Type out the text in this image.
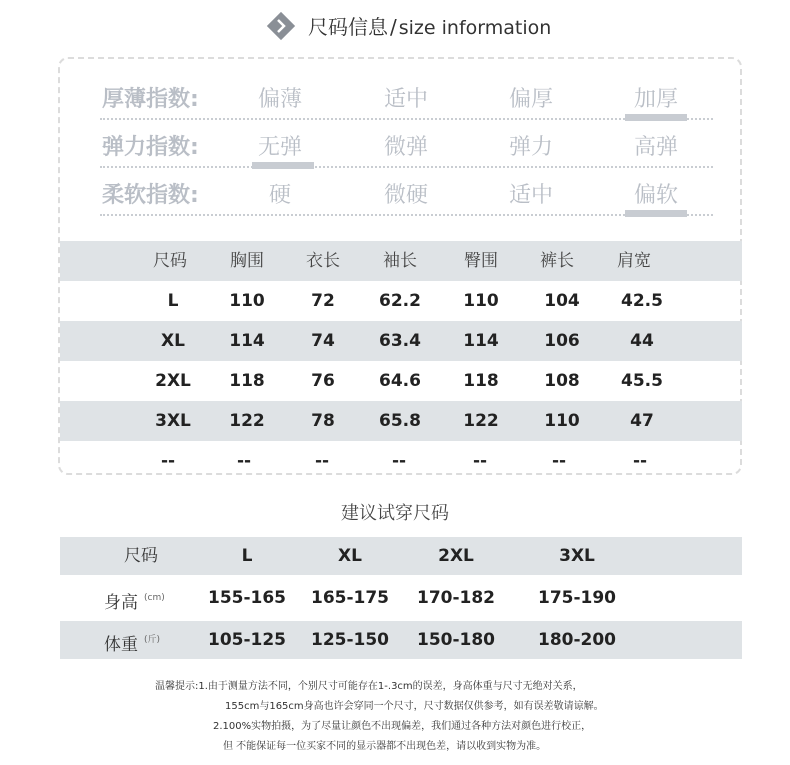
尺码信息 / size information
厚薄指数:	偏薄	适中	偏厚	加厚
弹力指数:	无弹	微弹	弹力	高弹
柔软指数:	硬	微硬	适中	偏软
尺码	胸围	衣长	袖长	臀围	裤长	肩宽
L	110	72	62.2	110	104	42.5
XL	114	74	63.4	114	106	44
2XL	118	76	64.6	118	108	45.5
3XL	122	78	65.8	122	110	47
--	--	--	--	--	--	--
建议试穿尺码
尺码	L	XL	2XL	3XL
身高 $^{(cm)}$	155-165	165-175	170-182	175-190
体重 $^{(斤)}$	105-125	125-150	150-180	180-200
温馨提示:1.由于测量方法不同，个别尺寸可能存在1-.3cm的误差，身高体重与尺寸无绝对关系，
155cm与165cm身高也许会穿同一个尺寸，尺寸数据仅供参考，如有误差敬请谅解。
2.100%实物拍摄，为了尽量让颜色不出现偏差，我们通过各种方法对颜色进行校正，
但 不能保证每一位买家不同的显示器都不出现色差，请以收到实物为准。
